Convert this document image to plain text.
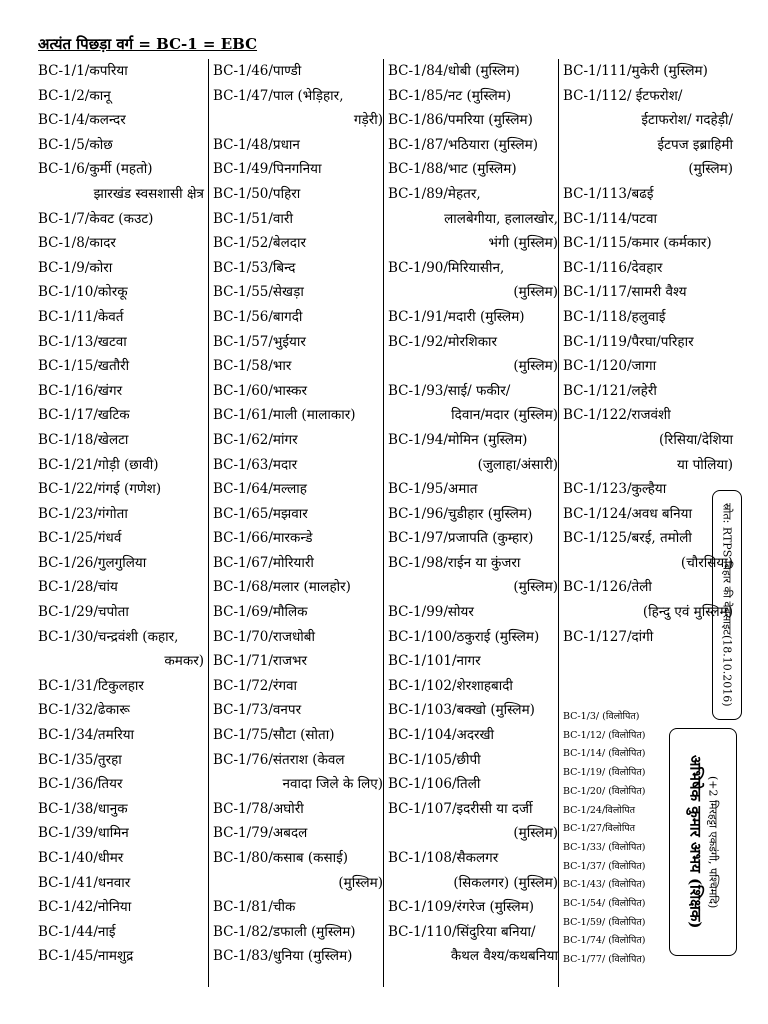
अत्यंत पिछड़ा वर्ग = BC-1 = EBC
BC-1/1/कपरिया
BC-1/2/कानू
BC-1/4/कलन्दर
BC-1/5/कोछ
BC-1/6/कुर्मी (महतो)
झारखंड स्वसशासी क्षेत्र
BC-1/7/केवट (कउट)
BC-1/8/कादर
BC-1/9/कोरा
BC-1/10/कोरकू
BC-1/11/केवर्त
BC-1/13/खटवा
BC-1/15/खतौरी
BC-1/16/खंगर
BC-1/17/खटिक
BC-1/18/खेलटा
BC-1/21/गोड़ी (छावी)
BC-1/22/गंगई (गणेश)
BC-1/23/गंगोता
BC-1/25/गंधर्व
BC-1/26/गुलगुलिया
BC-1/28/चांय
BC-1/29/चपोता
BC-1/30/चन्द्रवंशी (कहार,
कमकर)
BC-1/31/टिकुलहार
BC-1/32/ढेकारू
BC-1/34/तमरिया
BC-1/35/तुरहा
BC-1/36/तियर
BC-1/38/धानुक
BC-1/39/धामिन
BC-1/40/धीमर
BC-1/41/धनवार
BC-1/42/नोनिया
BC-1/44/नाई
BC-1/45/नामशुद्र
BC-1/46/पाण्डी
BC-1/47/पाल (भेड़िहार,
गड़ेरी)
BC-1/48/प्रधान
BC-1/49/पिनगनिया
BC-1/50/पहिरा
BC-1/51/वारी
BC-1/52/बेलदार
BC-1/53/बिन्द
BC-1/55/सेखड़ा
BC-1/56/बागदी
BC-1/57/भुईयार
BC-1/58/भार
BC-1/60/भास्कर
BC-1/61/माली (मालाकार)
BC-1/62/मांगर
BC-1/63/मदार
BC-1/64/मल्लाह
BC-1/65/मझवार
BC-1/66/मारकन्डे
BC-1/67/मोरियारी
BC-1/68/मलार (मालहोर)
BC-1/69/मौलिक
BC-1/70/राजधोबी
BC-1/71/राजभर
BC-1/72/रंगवा
BC-1/73/वनपर
BC-1/75/सौटा (सोता)
BC-1/76/संतराश (केवल
नवादा जिले के लिए)
BC-1/78/अघोरी
BC-1/79/अबदल
BC-1/80/कसाब (कसाई)
(मुस्लिम)
BC-1/81/चीक
BC-1/82/डफाली (मुस्लिम)
BC-1/83/धुनिया (मुस्लिम)
BC-1/84/धोबी (मुस्लिम)
BC-1/85/नट (मुस्लिम)
BC-1/86/पमरिया (मुस्लिम)
BC-1/87/भठियारा (मुस्लिम)
BC-1/88/भाट (मुस्लिम)
BC-1/89/मेहतर,
लालबेगीया, हलालखोर,
भंगी (मुस्लिम)
BC-1/90/मिरियासीन,
(मुस्लिम)
BC-1/91/मदारी (मुस्लिम)
BC-1/92/मोरशिकार
(मुस्लिम)
BC-1/93/साई/ फकीर/
दिवान/मदार (मुस्लिम)
BC-1/94/मोमिन (मुस्लिम)
(जुलाहा/अंसारी)
BC-1/95/अमात
BC-1/96/चुडीहार (मुस्लिम)
BC-1/97/प्रजापति (कुम्हार)
BC-1/98/राईन या कुंजरा
(मुस्लिम)
BC-1/99/सोयर
BC-1/100/ठकुराई (मुस्लिम)
BC-1/101/नागर
BC-1/102/शेरशाहबादी
BC-1/103/बक्खो (मुस्लिम)
BC-1/104/अदरखी
BC-1/105/छीपी
BC-1/106/तिली
BC-1/107/इदरीसी या दर्जी
(मुस्लिम)
BC-1/108/सैकलगर
(सिकलगर) (मुस्लिम)
BC-1/109/रंगरेज (मुस्लिम)
BC-1/110/सिंदुरिया बनिया/
कैथल वैश्य/कथबनिया
BC-1/111/मुकेरी (मुस्लिम)
BC-1/112/ ईटफरोश/
ईटाफरोश/ गदहेड़ी/
ईटपज इब्राहिमी
(मुस्लिम)
BC-1/113/बढई
BC-1/114/पटवा
BC-1/115/कमार (कर्मकार)
BC-1/116/देवहार
BC-1/117/सामरी वैश्य
BC-1/118/हलुवाई
BC-1/119/पैरघा/परिहार
BC-1/120/जागा
BC-1/121/लहेरी
BC-1/122/राजवंशी
(रिसिया/देशिया
या पोलिया)
BC-1/123/कुल्हैया
BC-1/124/अवध बनिया
BC-1/125/बरई, तमोली
(चौरसिया)
BC-1/126/तेली
(हिन्दु एवं मुस्लिम)
BC-1/127/दांगी
BC-1/3/ (विलोपित)
BC-1/12/ (विलोपित)
BC-1/14/ (विलोपित)
BC-1/19/ (विलोपित)
BC-1/20/ (विलोपित)
BC-1/24/विलोपित
BC-1/27/विलोपित
BC-1/33/ (विलोपित)
BC-1/37/ (विलोपित)
BC-1/43/ (विलोपित)
BC-1/54/ (विलोपित)
BC-1/59/ (विलोपित)
BC-1/74/ (विलोपित)
BC-1/77/ (विलोपित)
स्रोत: RTPS बिहार की वेबसाइट(18.10.2016)
अभिषेक कुमार अभय (शिक्षक) (+2 मिरहट्टा एकडंगी, पश्चिमदि)
